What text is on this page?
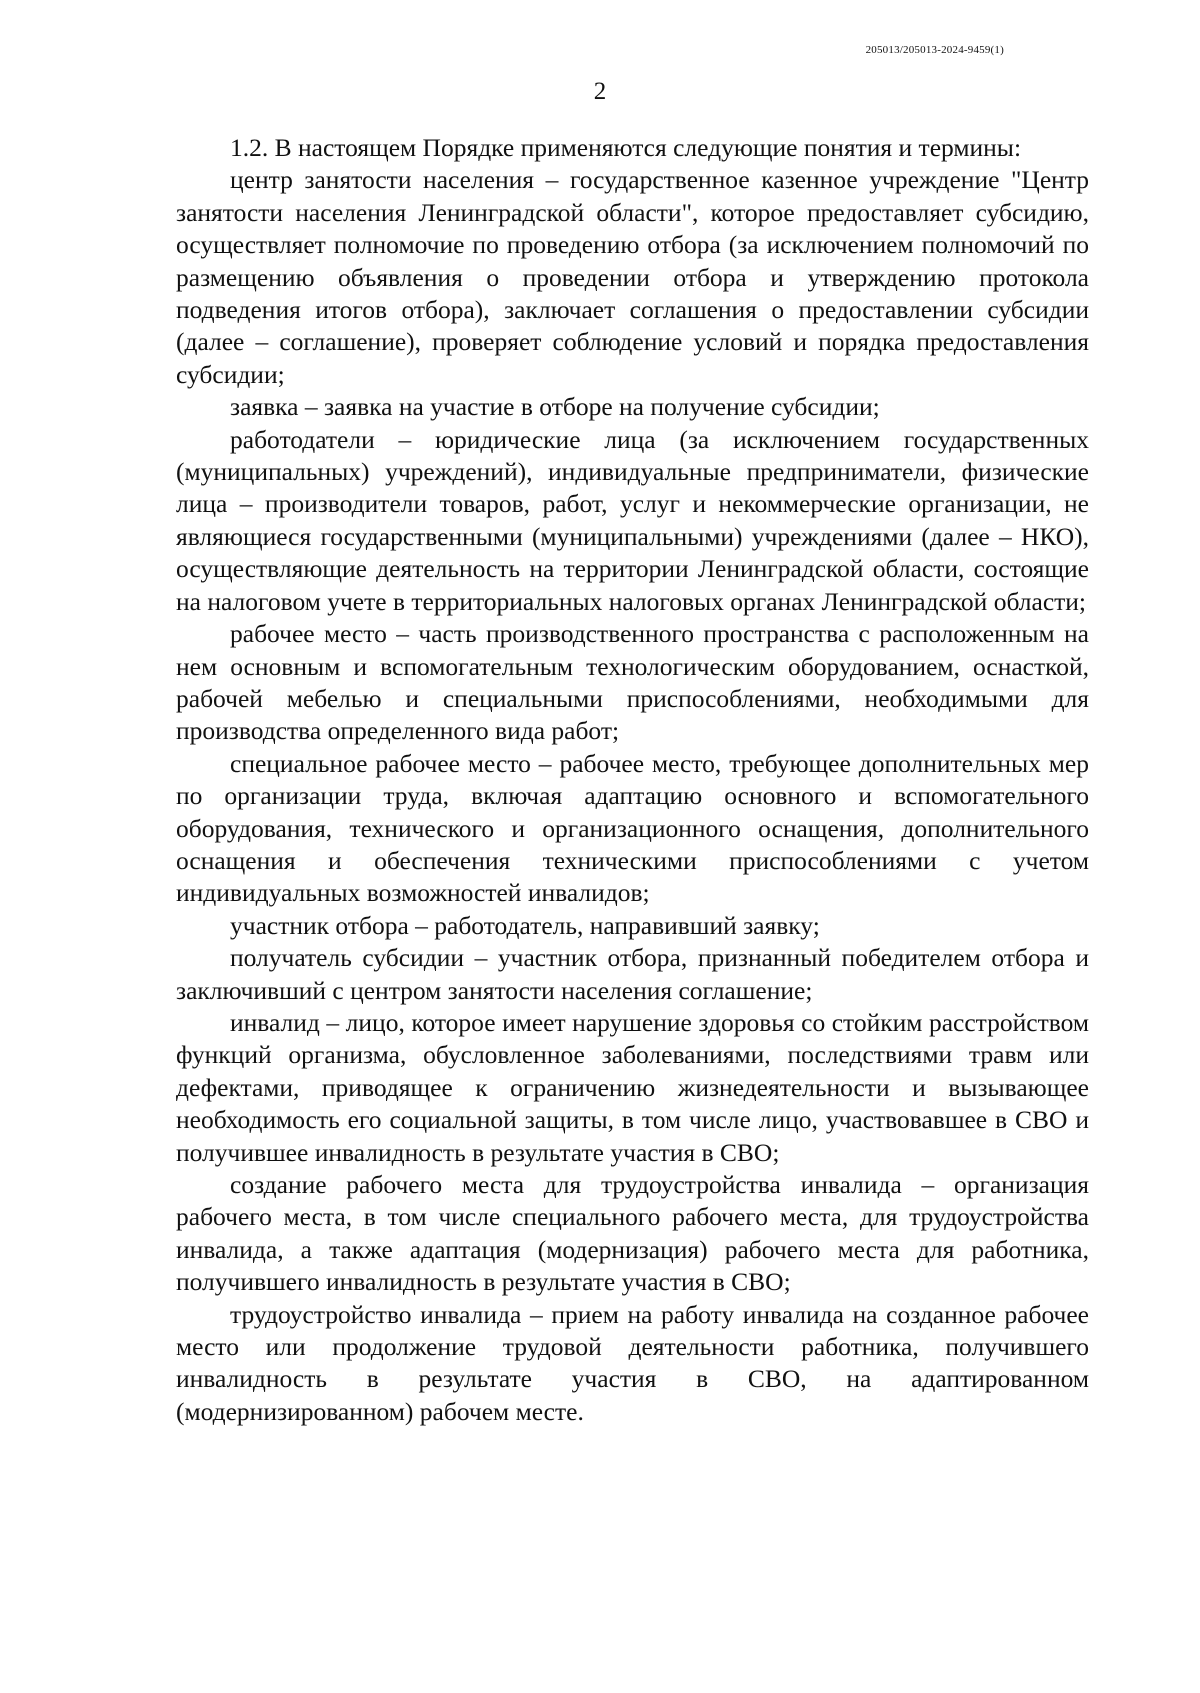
205013/205013-2024-9459(1)
2

1.2. В настоящем Порядке применяются следующие понятия и термины:

центр занятости населения – государственное казенное учреждение "Центр занятости населения Ленинградской области", которое предоставляет субсидию, осуществляет полномочие по проведению отбора (за исключением полномочий по размещению объявления о проведении отбора и утверждению протокола подведения итогов отбора), заключает соглашения о предоставлении субсидии (далее – соглашение), проверяет соблюдение условий и порядка предоставления субсидии;

заявка – заявка на участие в отборе на получение субсидии;

работодатели – юридические лица (за исключением государственных (муниципальных) учреждений), индивидуальные предприниматели, физические лица – производители товаров, работ, услуг и некоммерческие организации, не являющиеся государственными (муниципальными) учреждениями (далее – НКО), осуществляющие деятельность на территории Ленинградской области, состоящие на налоговом учете в территориальных налоговых органах Ленинградской области;

рабочее место – часть производственного пространства с расположенным на нем основным и вспомогательным технологическим оборудованием, оснасткой, рабочей мебелью и специальными приспособлениями, необходимыми для производства определенного вида работ;

специальное рабочее место – рабочее место, требующее дополнительных мер по организации труда, включая адаптацию основного и вспомогательного оборудования, технического и организационного оснащения, дополнительного оснащения и обеспечения техническими приспособлениями с учетом индивидуальных возможностей инвалидов;

участник отбора – работодатель, направивший заявку;

получатель субсидии – участник отбора, признанный победителем отбора и заключивший с центром занятости населения соглашение;

инвалид – лицо, которое имеет нарушение здоровья со стойким расстройством функций организма, обусловленное заболеваниями, последствиями травм или дефектами, приводящее к ограничению жизнедеятельности и вызывающее необходимость его социальной защиты, в том числе лицо, участвовавшее в СВО и получившее инвалидность в результате участия в СВО;

создание рабочего места для трудоустройства инвалида – организация рабочего места, в том числе специального рабочего места, для трудоустройства инвалида, а также адаптация (модернизация) рабочего места для работника, получившего инвалидность в результате участия в СВО;

трудоустройство инвалида – прием на работу инвалида на созданное рабочее место или продолжение трудовой деятельности работника, получившего инвалидность в результате участия в СВО, на адаптированном (модернизированном) рабочем месте.
